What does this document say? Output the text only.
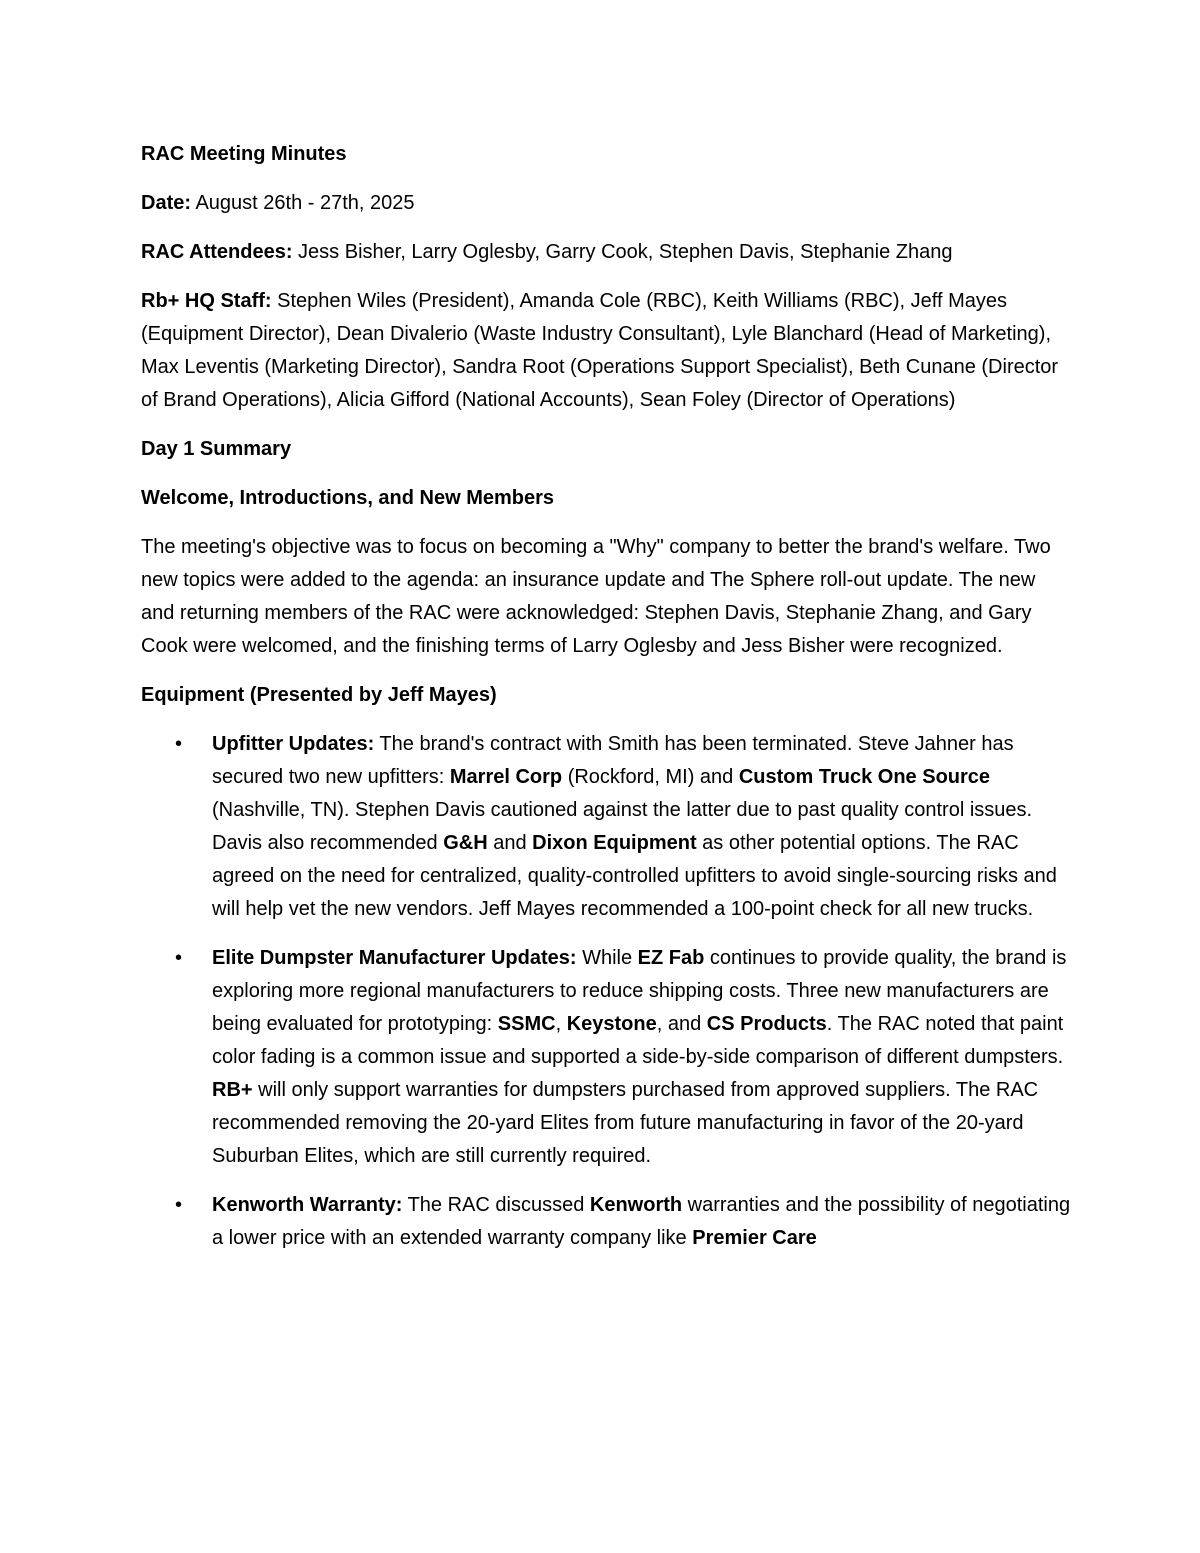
RAC Meeting Minutes
Date: August 26th - 27th, 2025
RAC Attendees: Jess Bisher, Larry Oglesby, Garry Cook, Stephen Davis, Stephanie Zhang
Rb+ HQ Staff: Stephen Wiles (President), Amanda Cole (RBC), Keith Williams (RBC), Jeff Mayes (Equipment Director), Dean Divalerio (Waste Industry Consultant), Lyle Blanchard (Head of Marketing), Max Leventis (Marketing Director), Sandra Root (Operations Support Specialist), Beth Cunane (Director of Brand Operations), Alicia Gifford (National Accounts), Sean Foley (Director of Operations)
Day 1 Summary
Welcome, Introductions, and New Members
The meeting's objective was to focus on becoming a "Why" company to better the brand's welfare. Two new topics were added to the agenda: an insurance update and The Sphere roll-out update. The new and returning members of the RAC were acknowledged: Stephen Davis, Stephanie Zhang, and Gary Cook were welcomed, and the finishing terms of Larry Oglesby and Jess Bisher were recognized.
Equipment (Presented by Jeff Mayes)
• Upfitter Updates: The brand's contract with Smith has been terminated. Steve Jahner has secured two new upfitters: Marrel Corp (Rockford, MI) and Custom Truck One Source (Nashville, TN). Stephen Davis cautioned against the latter due to past quality control issues. Davis also recommended G&H and Dixon Equipment as other potential options. The RAC agreed on the need for centralized, quality-controlled upfitters to avoid single-sourcing risks and will help vet the new vendors. Jeff Mayes recommended a 100-point check for all new trucks.
• Elite Dumpster Manufacturer Updates: While EZ Fab continues to provide quality, the brand is exploring more regional manufacturers to reduce shipping costs. Three new manufacturers are being evaluated for prototyping: SSMC, Keystone, and CS Products. The RAC noted that paint color fading is a common issue and supported a side-by-side comparison of different dumpsters. RB+ will only support warranties for dumpsters purchased from approved suppliers. The RAC recommended removing the 20-yard Elites from future manufacturing in favor of the 20-yard Suburban Elites, which are still currently required.
• Kenworth Warranty: The RAC discussed Kenworth warranties and the possibility of negotiating a lower price with an extended warranty company like Premier Care
